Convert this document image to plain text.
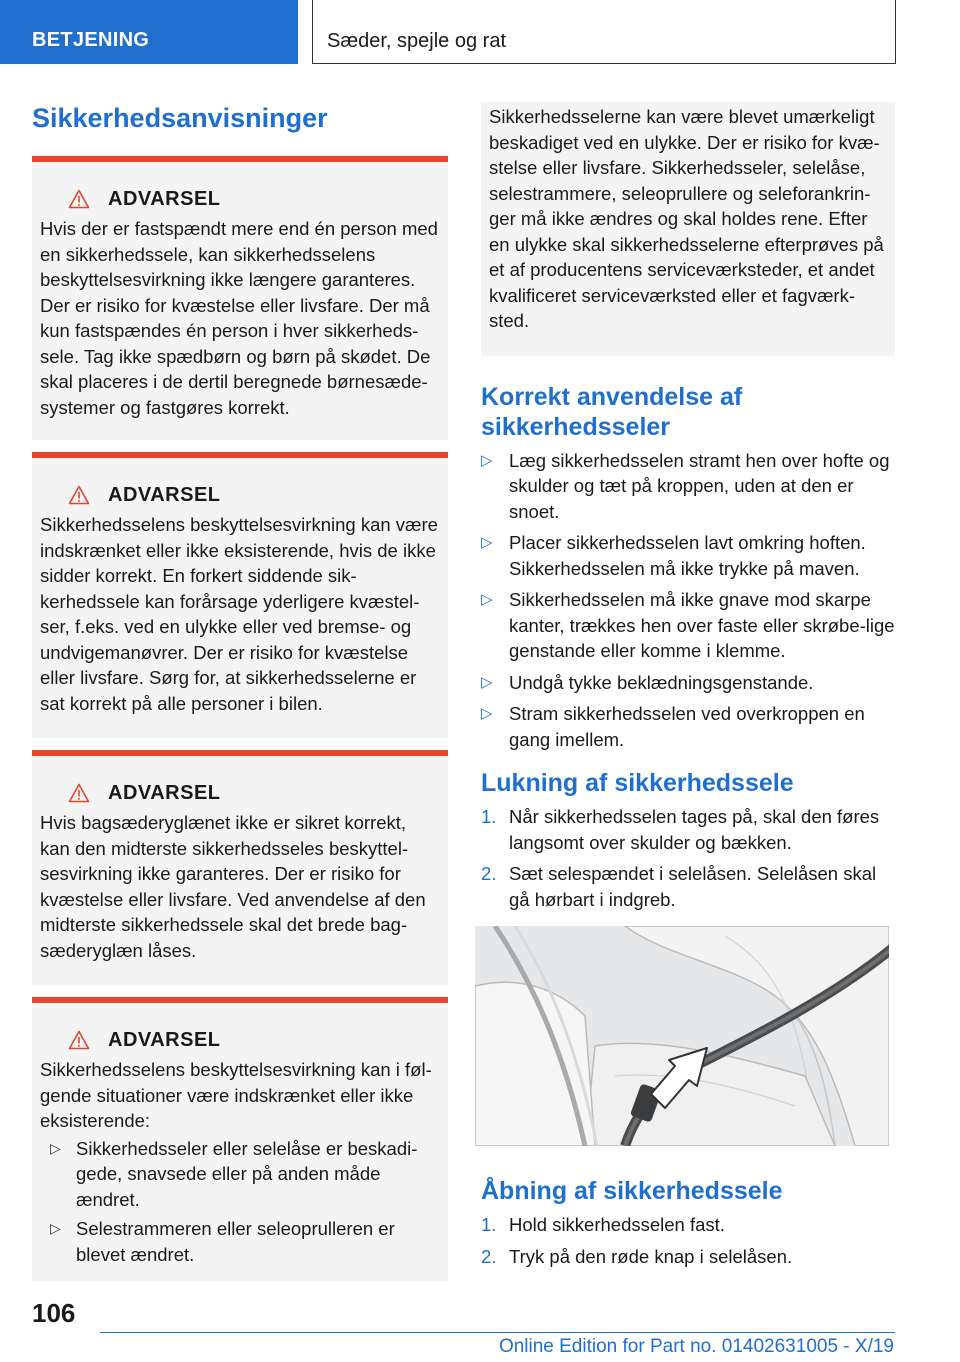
BETJENING	Sæder, spejle og rat
Sikkerhedsanvisninger
ADVARSEL
Hvis der er fastspændt mere end én person med en sikkerhedssele, kan sikkerhedsselens beskyttelsesvirkning ikke længere garanteres. Der er risiko for kvæstelse eller livsfare. Der må kun fastspændes én person i hver sikkerheds-sele. Tag ikke spædbørn og børn på skødet. De skal placeres i de dertil beregnede børnesæde-systemer og fastgøres korrekt.
ADVARSEL
Sikkerhedsselens beskyttelsesvirkning kan være indskrænket eller ikke eksisterende, hvis de ikke sidder korrekt. En forkert siddende sik-kerhedssele kan forårsage yderligere kvæstel-ser, f.eks. ved en ulykke eller ved bremse- og undvigemanøvrer. Der er risiko for kvæstelse eller livsfare. Sørg for, at sikkerhedsselerne er sat korrekt på alle personer i bilen.
ADVARSEL
Hvis bagsæderyglænet ikke er sikret korrekt, kan den midterste sikkerhedsseles beskyttel-sesvirkning ikke garanteres. Der er risiko for kvæstelse eller livsfare. Ved anvendelse af den midterste sikkerhedssele skal det brede bag-sæderyglæn låses.
ADVARSEL
Sikkerhedsselens beskyttelsesvirkning kan i føl-gende situationer være indskrænket eller ikke eksisterende:
▷ Sikkerhedsseler eller selelåse er beskadi-gede, snavsede eller på anden måde ændret.
▷ Selestrammeren eller seleoprulleren er blevet ændret.
Sikkerhedsselerne kan være blevet umærkeligt beskadiget ved en ulykke. Der er risiko for kvæ-stelse eller livsfare. Sikkerhedsseler, selelåse, selestrammere, seleoprullere og seleforankrin-ger må ikke ændres og skal holdes rene. Efter en ulykke skal sikkerhedsselerne efterprøves på et af producentens serviceværksteder, et andet kvalificeret serviceværksted eller et fagværk-sted.
Korrekt anvendelse af sikkerhedsseler
▷ Læg sikkerhedsselen stramt hen over hofte og skulder og tæt på kroppen, uden at den er snoet.
▷ Placer sikkerhedsselen lavt omkring hoften. Sikkerhedsselen må ikke trykke på maven.
▷ Sikkerhedsselen må ikke gnave mod skarpe kanter, trækkes hen over faste eller skrøbe-lige genstande eller komme i klemme.
▷ Undgå tykke beklædningsgenstande.
▷ Stram sikkerhedsselen ved overkroppen en gang imellem.
Lukning af sikkerhedssele
1. Når sikkerhedsselen tages på, skal den føres langsomt over skulder og bækken.
2. Sæt selespændet i selelåsen. Selelåsen skal gå hørbart i indgreb.
Åbning af sikkerhedssele
1. Hold sikkerhedsselen fast.
2. Tryk på den røde knap i selelåsen.
106
Online Edition for Part no. 01402631005 - X/19
